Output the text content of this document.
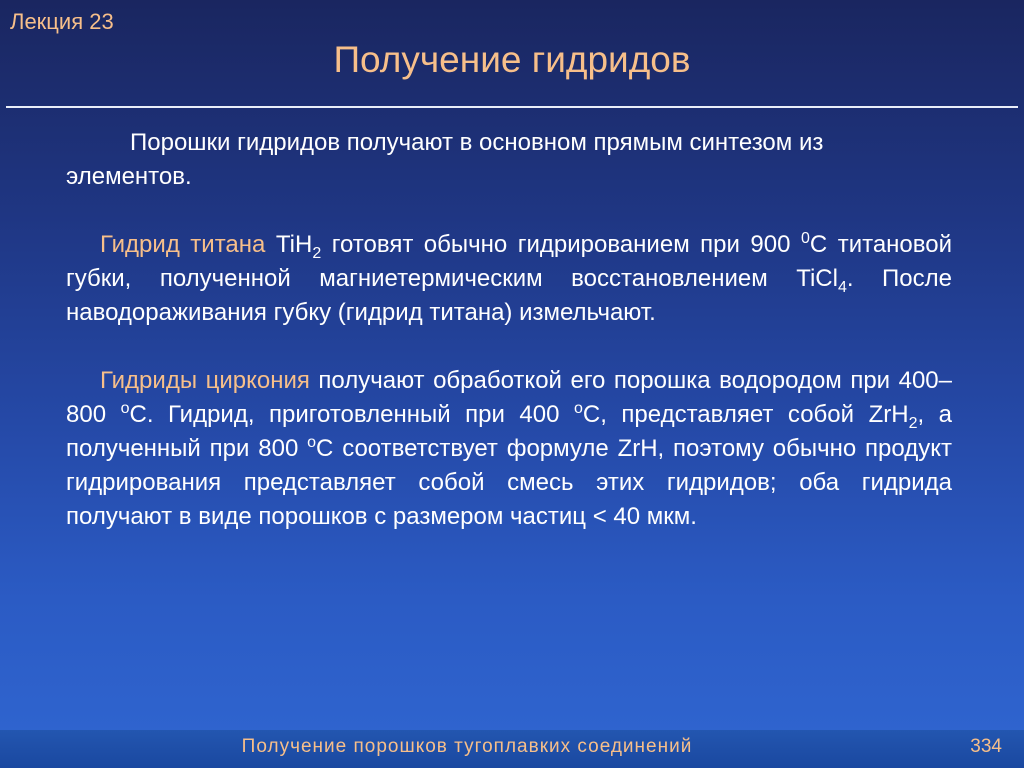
Лекция 23
Получение гидридов

Порошки гидридов получают в основном прямым синтезом из элементов.

Гидрид титана TiH$_2$ готовят обычно гидрированием при 900 $^0$С титановой губки, полученной магниетермическим восстановлением TiCl$_4$. После наводораживания губку (гидрид титана) измельчают.

Гидриды циркония получают обработкой его порошка водородом при 400–800 $^о$С. Гидрид, приготовленный при 400 $^о$С, представляет собой ZrH$_2$, а полученный при 800 $^о$С соответствует формуле ZrH, поэтому обычно продукт гидрирования представляет собой смесь этих гидридов; оба гидрида получают в виде порошков с размером частиц < 40 мкм.

Получение порошков тугоплавких соединений	334
